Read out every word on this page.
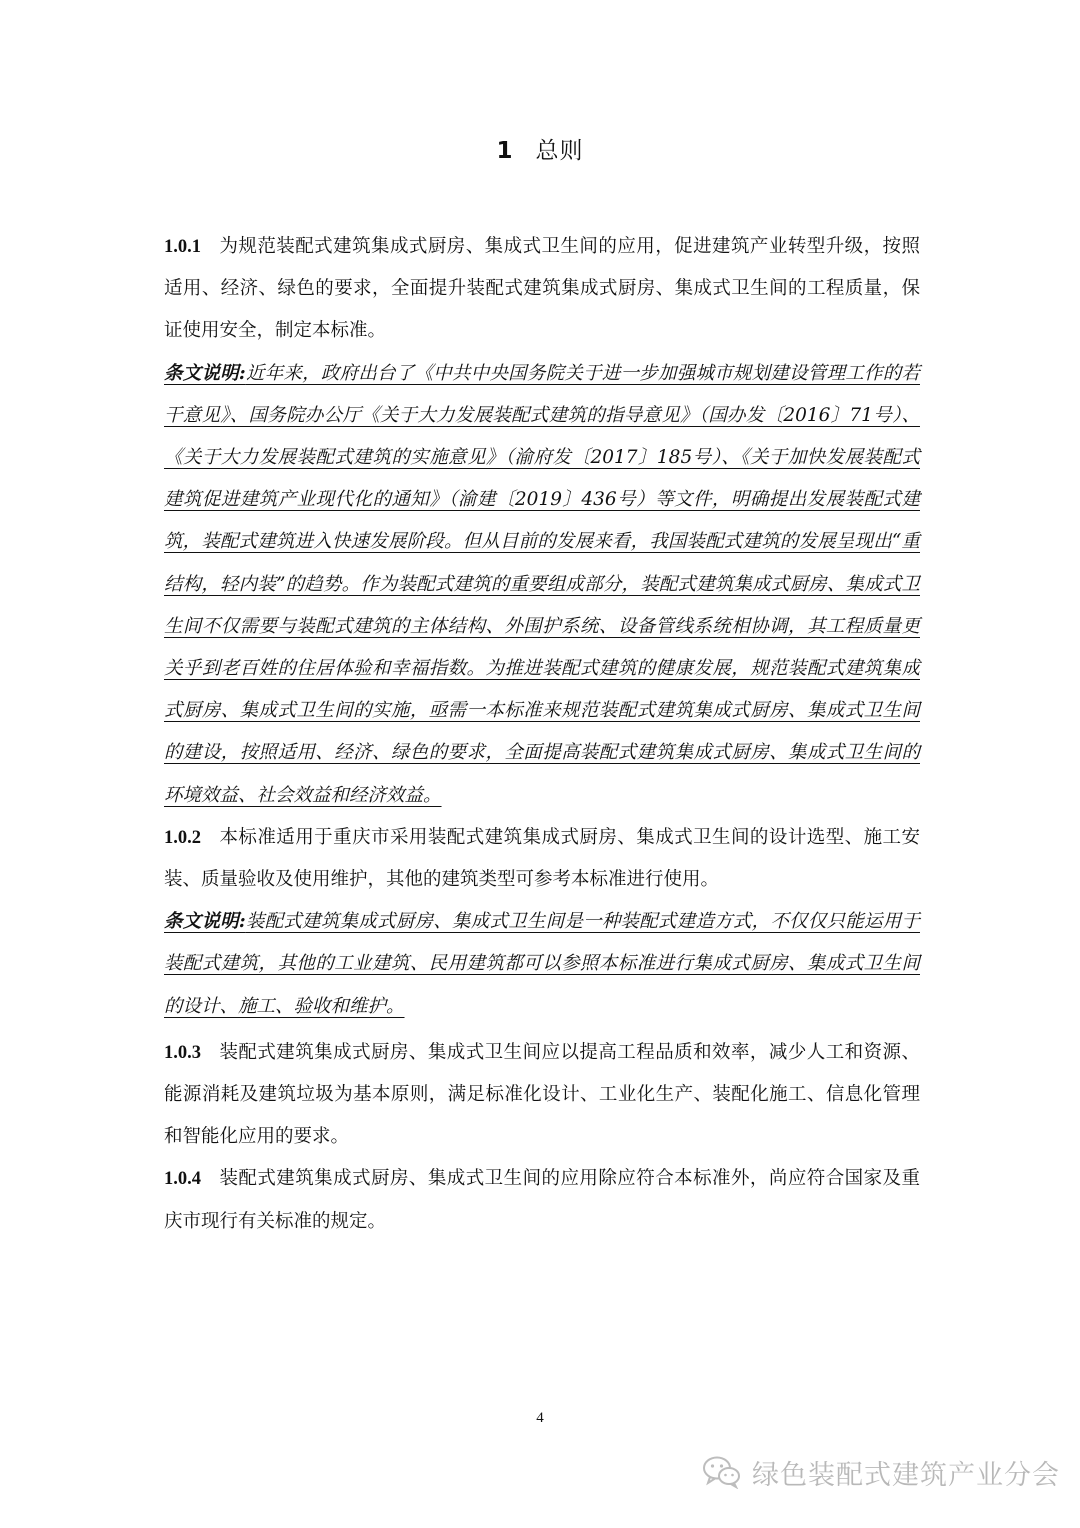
1 总则

1.0.1 为规范装配式建筑集成式厨房、集成式卫生间的应用，促进建筑产业转型升级，按照适用、经济、绿色的要求，全面提升装配式建筑集成式厨房、集成式卫生间的工程质量，保证使用安全，制定本标准。

条文说明:近年来，政府出台了《中共中央国务院关于进一步加强城市规划建设管理工作的若干意见》、国务院办公厅《关于大力发展装配式建筑的指导意见》（国办发〔2016〕71号）、《关于大力发展装配式建筑的实施意见》（渝府发〔2017〕185号）、《关于加快发展装配式建筑促进建筑产业现代化的通知》（渝建〔2019〕436号）等文件，明确提出发展装配式建筑，装配式建筑进入快速发展阶段。但从目前的发展来看，我国装配式建筑的发展呈现出“重结构，轻内装”的趋势。作为装配式建筑的重要组成部分，装配式建筑集成式厨房、集成式卫生间不仅需要与装配式建筑的主体结构、外围护系统、设备管线系统相协调，其工程质量更关乎到老百姓的住居体验和幸福指数。为推进装配式建筑的健康发展，规范装配式建筑集成式厨房、集成式卫生间的实施，亟需一本标准来规范装配式建筑集成式厨房、集成式卫生间的建设，按照适用、经济、绿色的要求，全面提高装配式建筑集成式厨房、集成式卫生间的环境效益、社会效益和经济效益。

1.0.2 本标准适用于重庆市采用装配式建筑集成式厨房、集成式卫生间的设计选型、施工安装、质量验收及使用维护，其他的建筑类型可参考本标准进行使用。

条文说明:装配式建筑集成式厨房、集成式卫生间是一种装配式建造方式，不仅仅只能运用于装配式建筑，其他的工业建筑、民用建筑都可以参照本标准进行集成式厨房、集成式卫生间的设计、施工、验收和维护。

1.0.3 装配式建筑集成式厨房、集成式卫生间应以提高工程品质和效率，减少人工和资源、能源消耗及建筑垃圾为基本原则，满足标准化设计、工业化生产、装配化施工、信息化管理和智能化应用的要求。

1.0.4 装配式建筑集成式厨房、集成式卫生间的应用除应符合本标准外，尚应符合国家及重庆市现行有关标准的规定。

4
绿色装配式建筑产业分会
